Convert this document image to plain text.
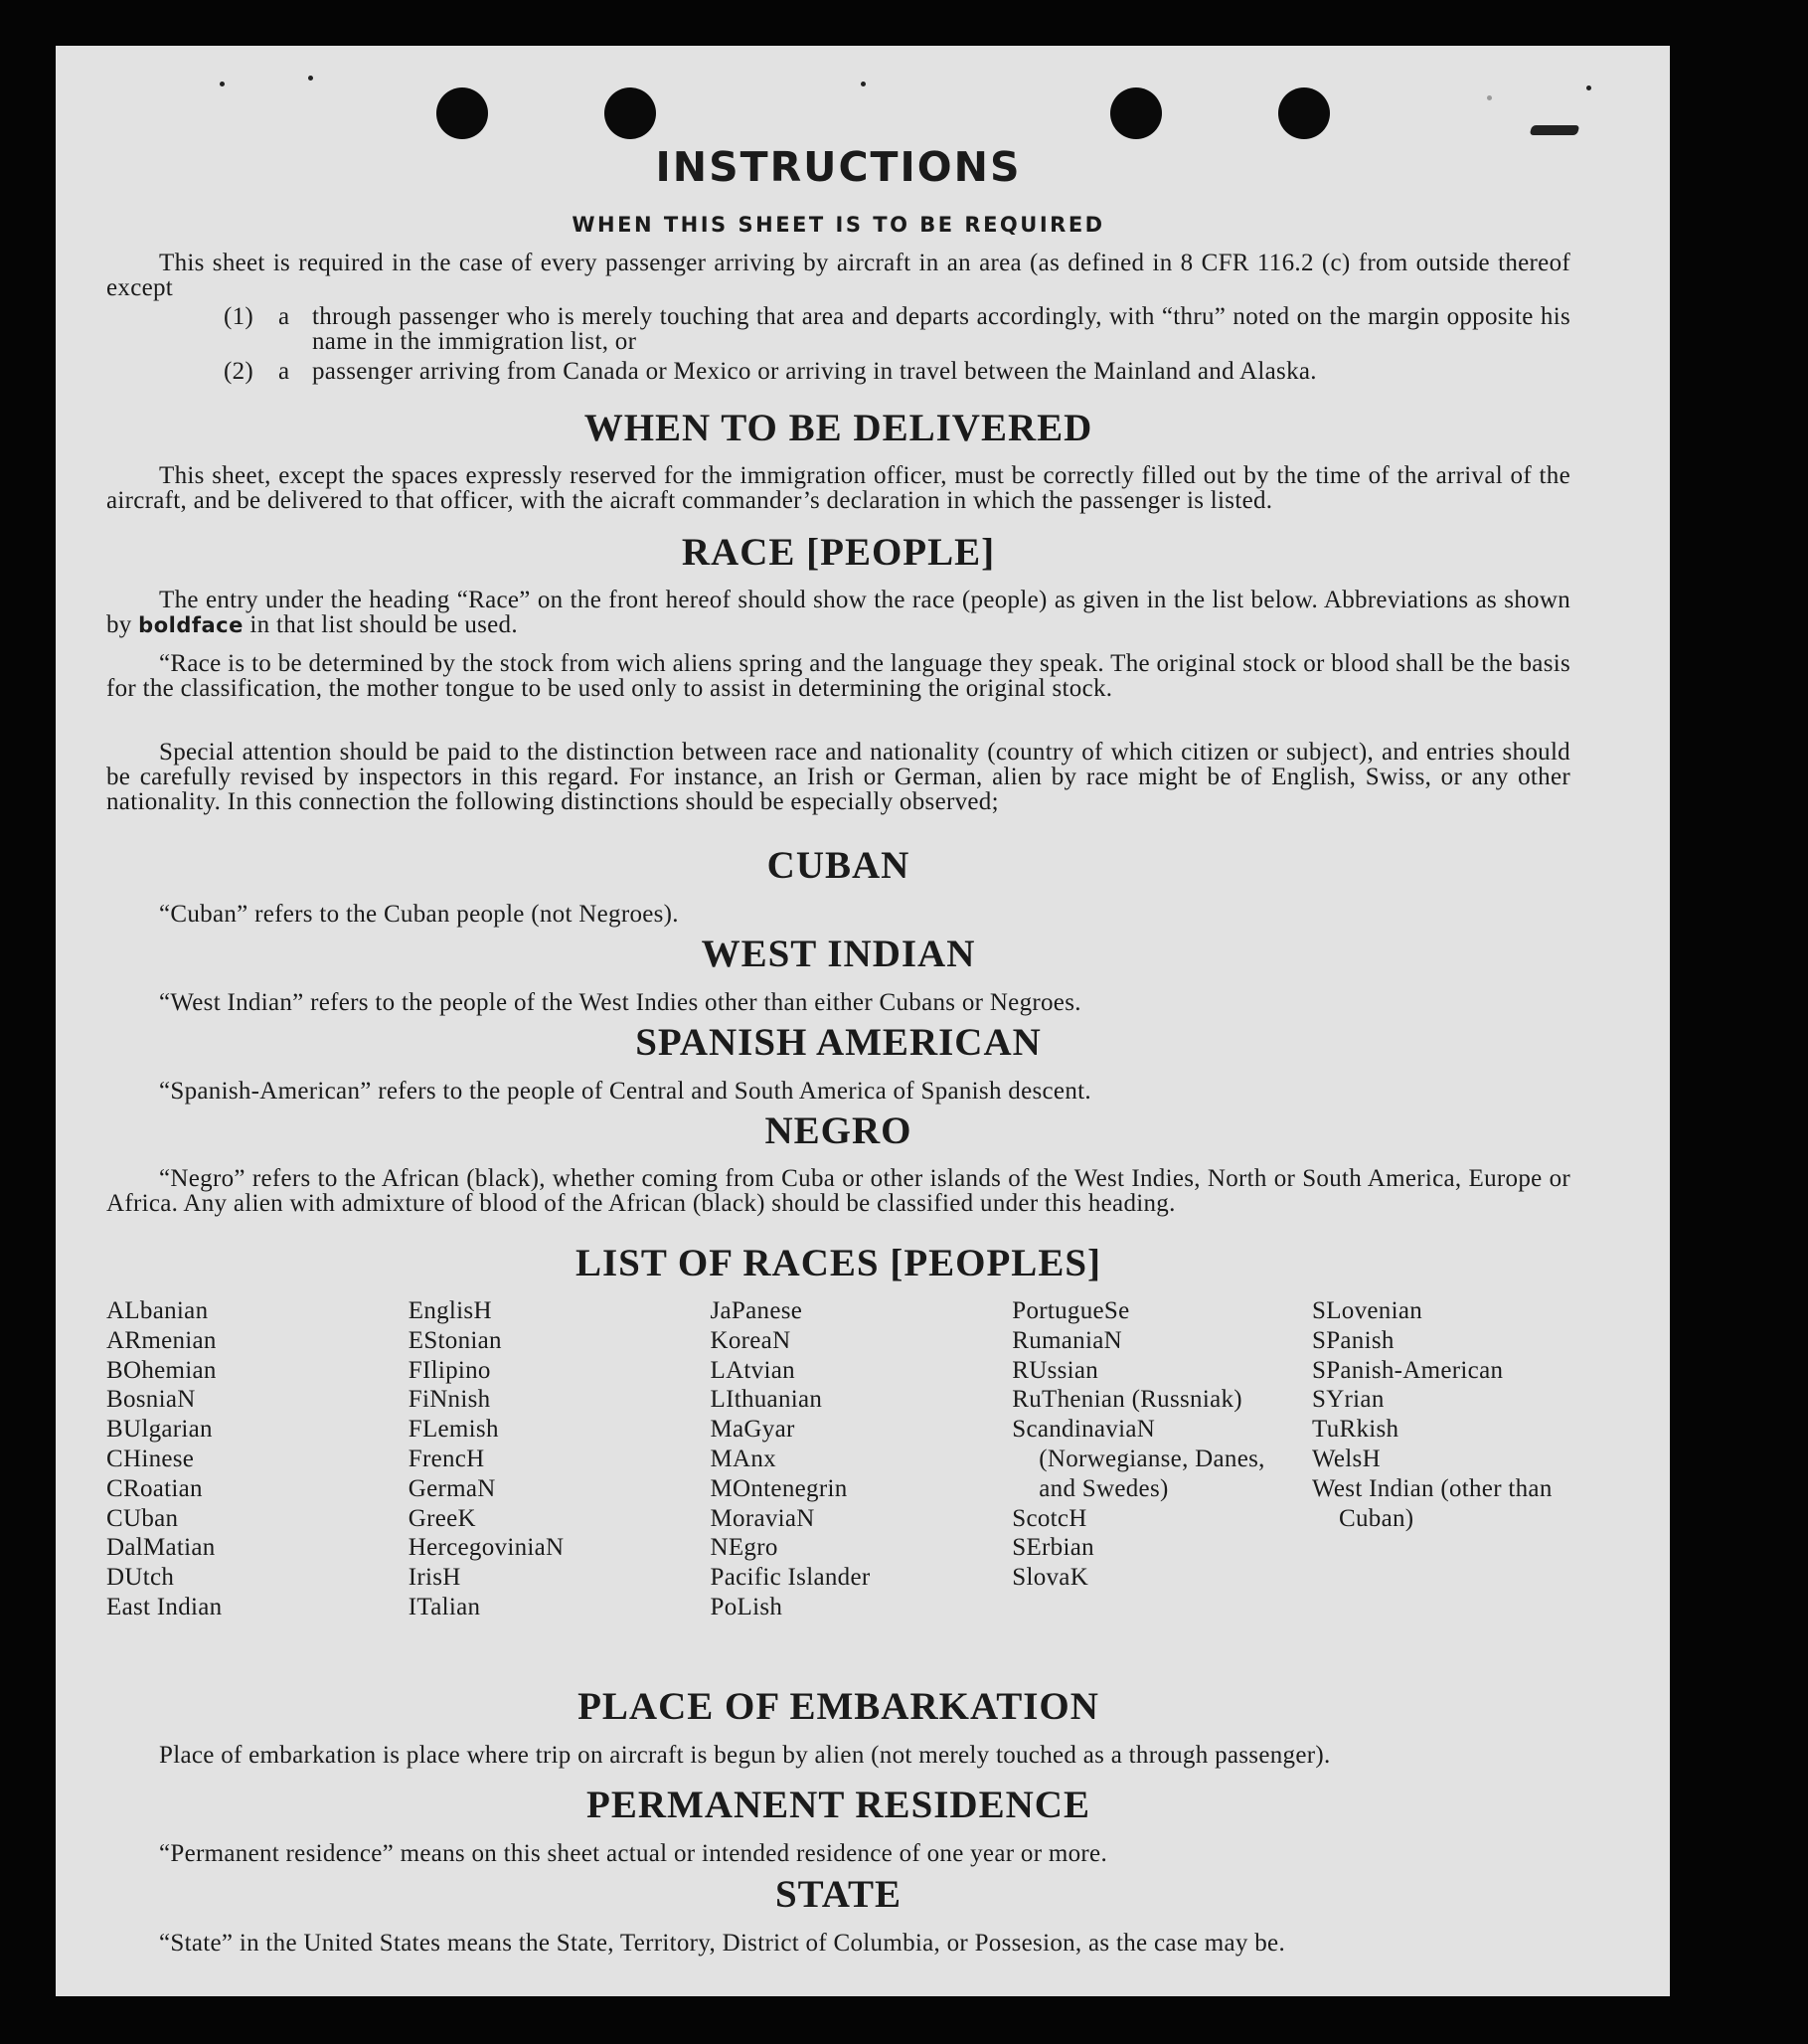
INSTRUCTIONS
WHEN THIS SHEET IS TO BE REQUIRED

This sheet is required in the case of every passenger arriving by aircraft in an area (as defined in 8 CFR 116.2 (c) from outside thereof except

(1) a through passenger who is merely touching that area and departs accordingly, with “thru” noted on the margin opposite his name in the immigration list, or

(2) a passenger arriving from Canada or Mexico or arriving in travel between the Mainland and Alaska.

WHEN TO BE DELIVERED

This sheet, except the spaces expressly reserved for the immigration officer, must be correctly filled out by the time of the arrival of the aircraft, and be delivered to that officer, with the aicraft commander’s declaration in which the passenger is listed.

RACE [PEOPLE]

The entry under the heading “Race” on the front hereof should show the race (people) as given in the list below. Abbreviations as shown by boldface in that list should be used.

“Race is to be determined by the stock from wich aliens spring and the language they speak. The original stock or blood shall be the basis for the classification, the mother tongue to be used only to assist in determining the original stock.

Special attention should be paid to the distinction between race and nationality (country of which citizen or subject), and entries should be carefully revised by inspectors in this regard. For instance, an Irish or German, alien by race might be of English, Swiss, or any other nationality. In this connection the following distinctions should be especially observed;

CUBAN

“Cuban” refers to the Cuban people (not Negroes).

WEST INDIAN

“West Indian” refers to the people of the West Indies other than either Cubans or Negroes.

SPANISH AMERICAN

“Spanish-American” refers to the people of Central and South America of Spanish descent.

NEGRO

“Negro” refers to the African (black), whether coming from Cuba or other islands of the West Indies, North or South America, Europe or Africa. Any alien with admixture of blood of the African (black) should be classified under this heading.

LIST OF RACES [PEOPLES]
ALbanian
ARmenian
BOhemian
BosniaN
BUlgarian
CHinese
CRoatian
CUban
DalMatian
DUtch
East Indian
EnglisH
EStonian
FIlipino
FiNnish
FLemish
FrencH
GermaN
GreeK
HercegoviniaN
IrisH
ITalian
JaPanese
KoreaN
LAtvian
LIthuanian
MaGyar
MAnx
MOntenegrin
MoraviaN
NEgro
Pacific Islander
PoLish
PortugueSe
RumaniaN
RUssian
RuThenian (Russniak)
ScandinaviaN (Norwegianse, Danes, and Swedes)
ScotcH
SErbian
SlovaK
SLovenian
SPanish
SPanish-American
SYrian
TuRkish
WelsH
West Indian (other than Cuban)
PLACE OF EMBARKATION

Place of embarkation is place where trip on aircraft is begun by alien (not merely touched as a through passenger).

PERMANENT RESIDENCE

“Permanent residence” means on this sheet actual or intended residence of one year or more.

STATE

“State” in the United States means the State, Territory, District of Columbia, or Possesion, as the case may be.
